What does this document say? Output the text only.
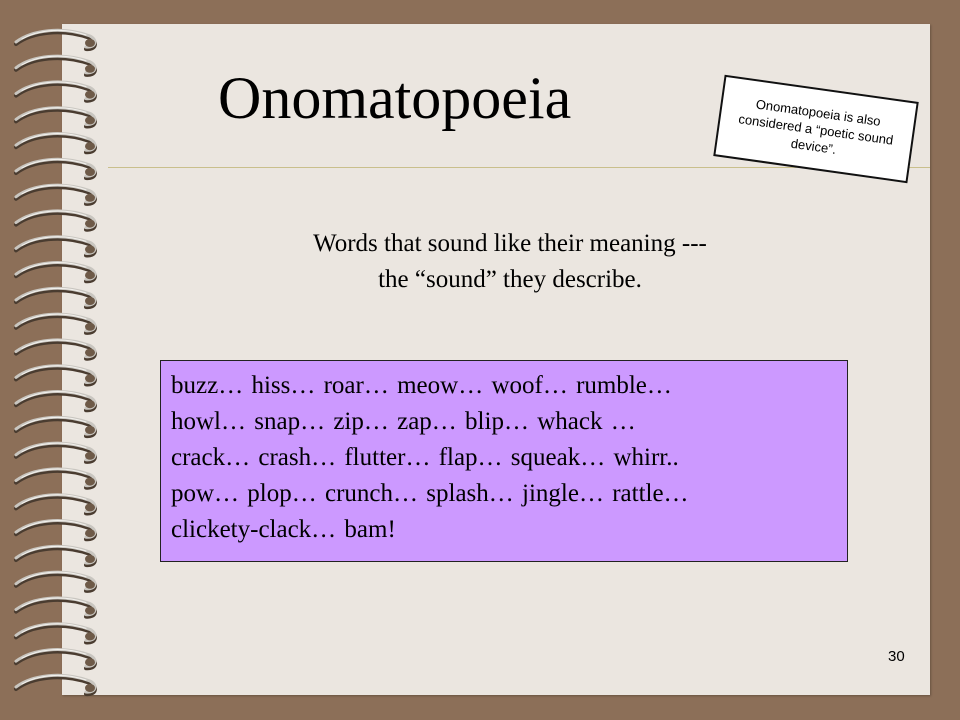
Onomatopoeia	Onomatopoeia is also considered a “poetic sound device”.
Words that sound like their meaning ---
the “sound” they describe.
buzz… hiss… roar… meow… woof… rumble…
howl… snap… zip… zap… blip… whack …
crack… crash… flutter… flap… squeak… whirr..
pow… plop… crunch… splash… jingle… rattle…
clickety-clack… bam!
30
